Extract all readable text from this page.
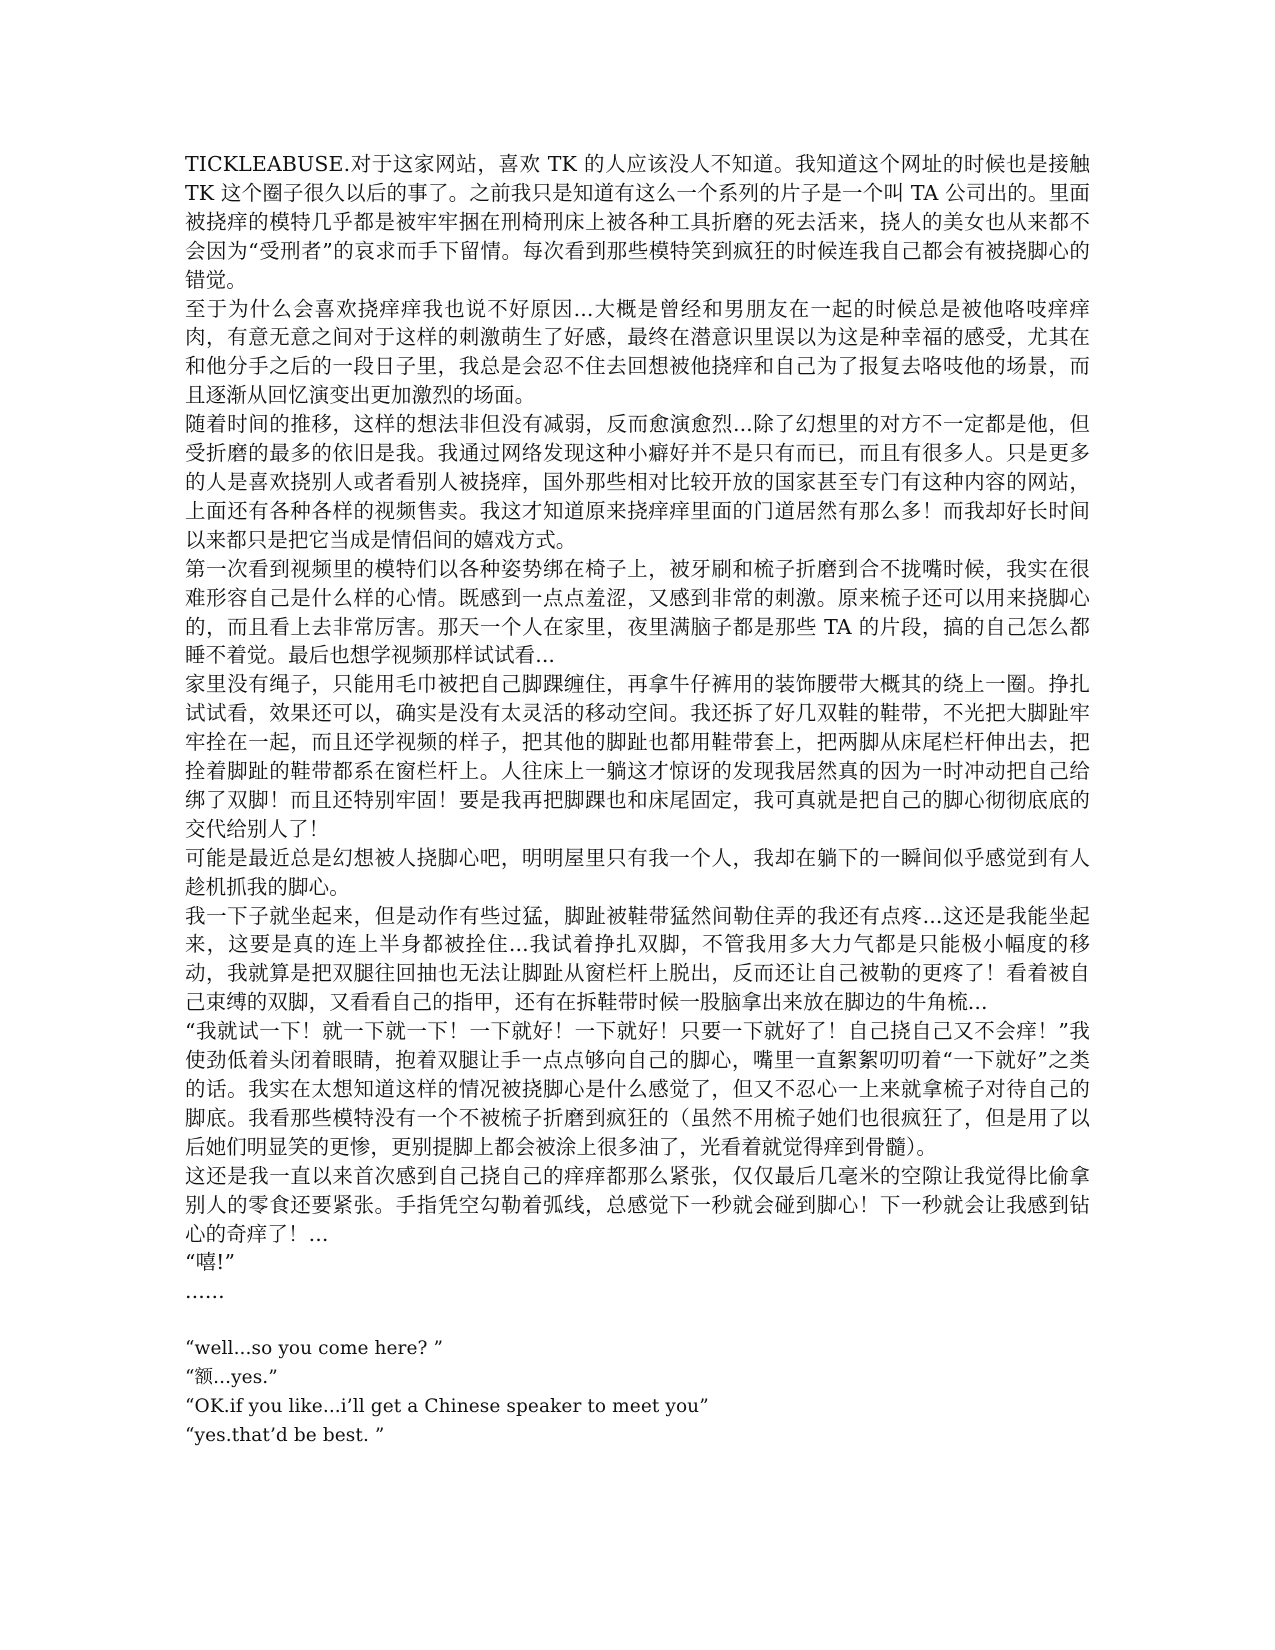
TICKLEABUSE.对于这家网站，喜欢 TK 的人应该没人不知道。我知道这个网址的时候也是接触 TK 这个圈子很久以后的事了。之前我只是知道有这么一个系列的片子是一个叫 TA 公司出的。里面被挠痒的模特几乎都是被牢牢捆在刑椅刑床上被各种工具折磨的死去活来，挠人的美女也从来都不会因为“受刑者”的哀求而手下留情。每次看到那些模特笑到疯狂的时候连我自己都会有被挠脚心的错觉。

至于为什么会喜欢挠痒痒我也说不好原因...大概是曾经和男朋友在一起的时候总是被他咯吱痒痒肉，有意无意之间对于这样的刺激萌生了好感，最终在潜意识里误以为这是种幸福的感受，尤其在和他分手之后的一段日子里，我总是会忍不住去回想被他挠痒和自己为了报复去咯吱他的场景，而且逐渐从回忆演变出更加激烈的场面。

随着时间的推移，这样的想法非但没有减弱，反而愈演愈烈...除了幻想里的对方不一定都是他，但受折磨的最多的依旧是我。我通过网络发现这种小癖好并不是只有而已，而且有很多人。只是更多的人是喜欢挠别人或者看别人被挠痒，国外那些相对比较开放的国家甚至专门有这种内容的网站，上面还有各种各样的视频售卖。我这才知道原来挠痒痒里面的门道居然有那么多！而我却好长时间以来都只是把它当成是情侣间的嬉戏方式。

第一次看到视频里的模特们以各种姿势绑在椅子上，被牙刷和梳子折磨到合不拢嘴时候，我实在很难形容自己是什么样的心情。既感到一点点羞涩，又感到非常的刺激。原来梳子还可以用来挠脚心的，而且看上去非常厉害。那天一个人在家里，夜里满脑子都是那些 TA 的片段，搞的自己怎么都睡不着觉。最后也想学视频那样试试看...

家里没有绳子，只能用毛巾被把自己脚踝缠住，再拿牛仔裤用的装饰腰带大概其的绕上一圈。挣扎试试看，效果还可以，确实是没有太灵活的移动空间。我还拆了好几双鞋的鞋带，不光把大脚趾牢牢拴在一起，而且还学视频的样子，把其他的脚趾也都用鞋带套上，把两脚从床尾栏杆伸出去，把拴着脚趾的鞋带都系在窗栏杆上。人往床上一躺这才惊讶的发现我居然真的因为一时冲动把自己给绑了双脚！而且还特别牢固！要是我再把脚踝也和床尾固定，我可真就是把自己的脚心彻彻底底的交代给别人了！

可能是最近总是幻想被人挠脚心吧，明明屋里只有我一个人，我却在躺下的一瞬间似乎感觉到有人趁机抓我的脚心。

我一下子就坐起来，但是动作有些过猛，脚趾被鞋带猛然间勒住弄的我还有点疼...这还是我能坐起来，这要是真的连上半身都被拴住...我试着挣扎双脚，不管我用多大力气都是只能极小幅度的移动，我就算是把双腿往回抽也无法让脚趾从窗栏杆上脱出，反而还让自己被勒的更疼了！看着被自己束缚的双脚，又看看自己的指甲，还有在拆鞋带时候一股脑拿出来放在脚边的牛角梳...

“我就试一下！就一下就一下！一下就好！一下就好！只要一下就好了！自己挠自己又不会痒！”我使劲低着头闭着眼睛，抱着双腿让手一点点够向自己的脚心，嘴里一直絮絮叨叨着“一下就好”之类的话。我实在太想知道这样的情况被挠脚心是什么感觉了，但又不忍心一上来就拿梳子对待自己的脚底。我看那些模特没有一个不被梳子折磨到疯狂的（虽然不用梳子她们也很疯狂了，但是用了以后她们明显笑的更惨，更别提脚上都会被涂上很多油了，光看着就觉得痒到骨髓）。

这还是我一直以来首次感到自己挠自己的痒痒都那么紧张，仅仅最后几毫米的空隙让我觉得比偷拿别人的零食还要紧张。手指凭空勾勒着弧线，总感觉下一秒就会碰到脚心！下一秒就会让我感到钻心的奇痒了！...

“嘻!”

......

“well...so you come here? ”

“额...yes.”

“OK.if you like...i’ll get a Chinese speaker to meet you”

“yes.that’d be best. ”
